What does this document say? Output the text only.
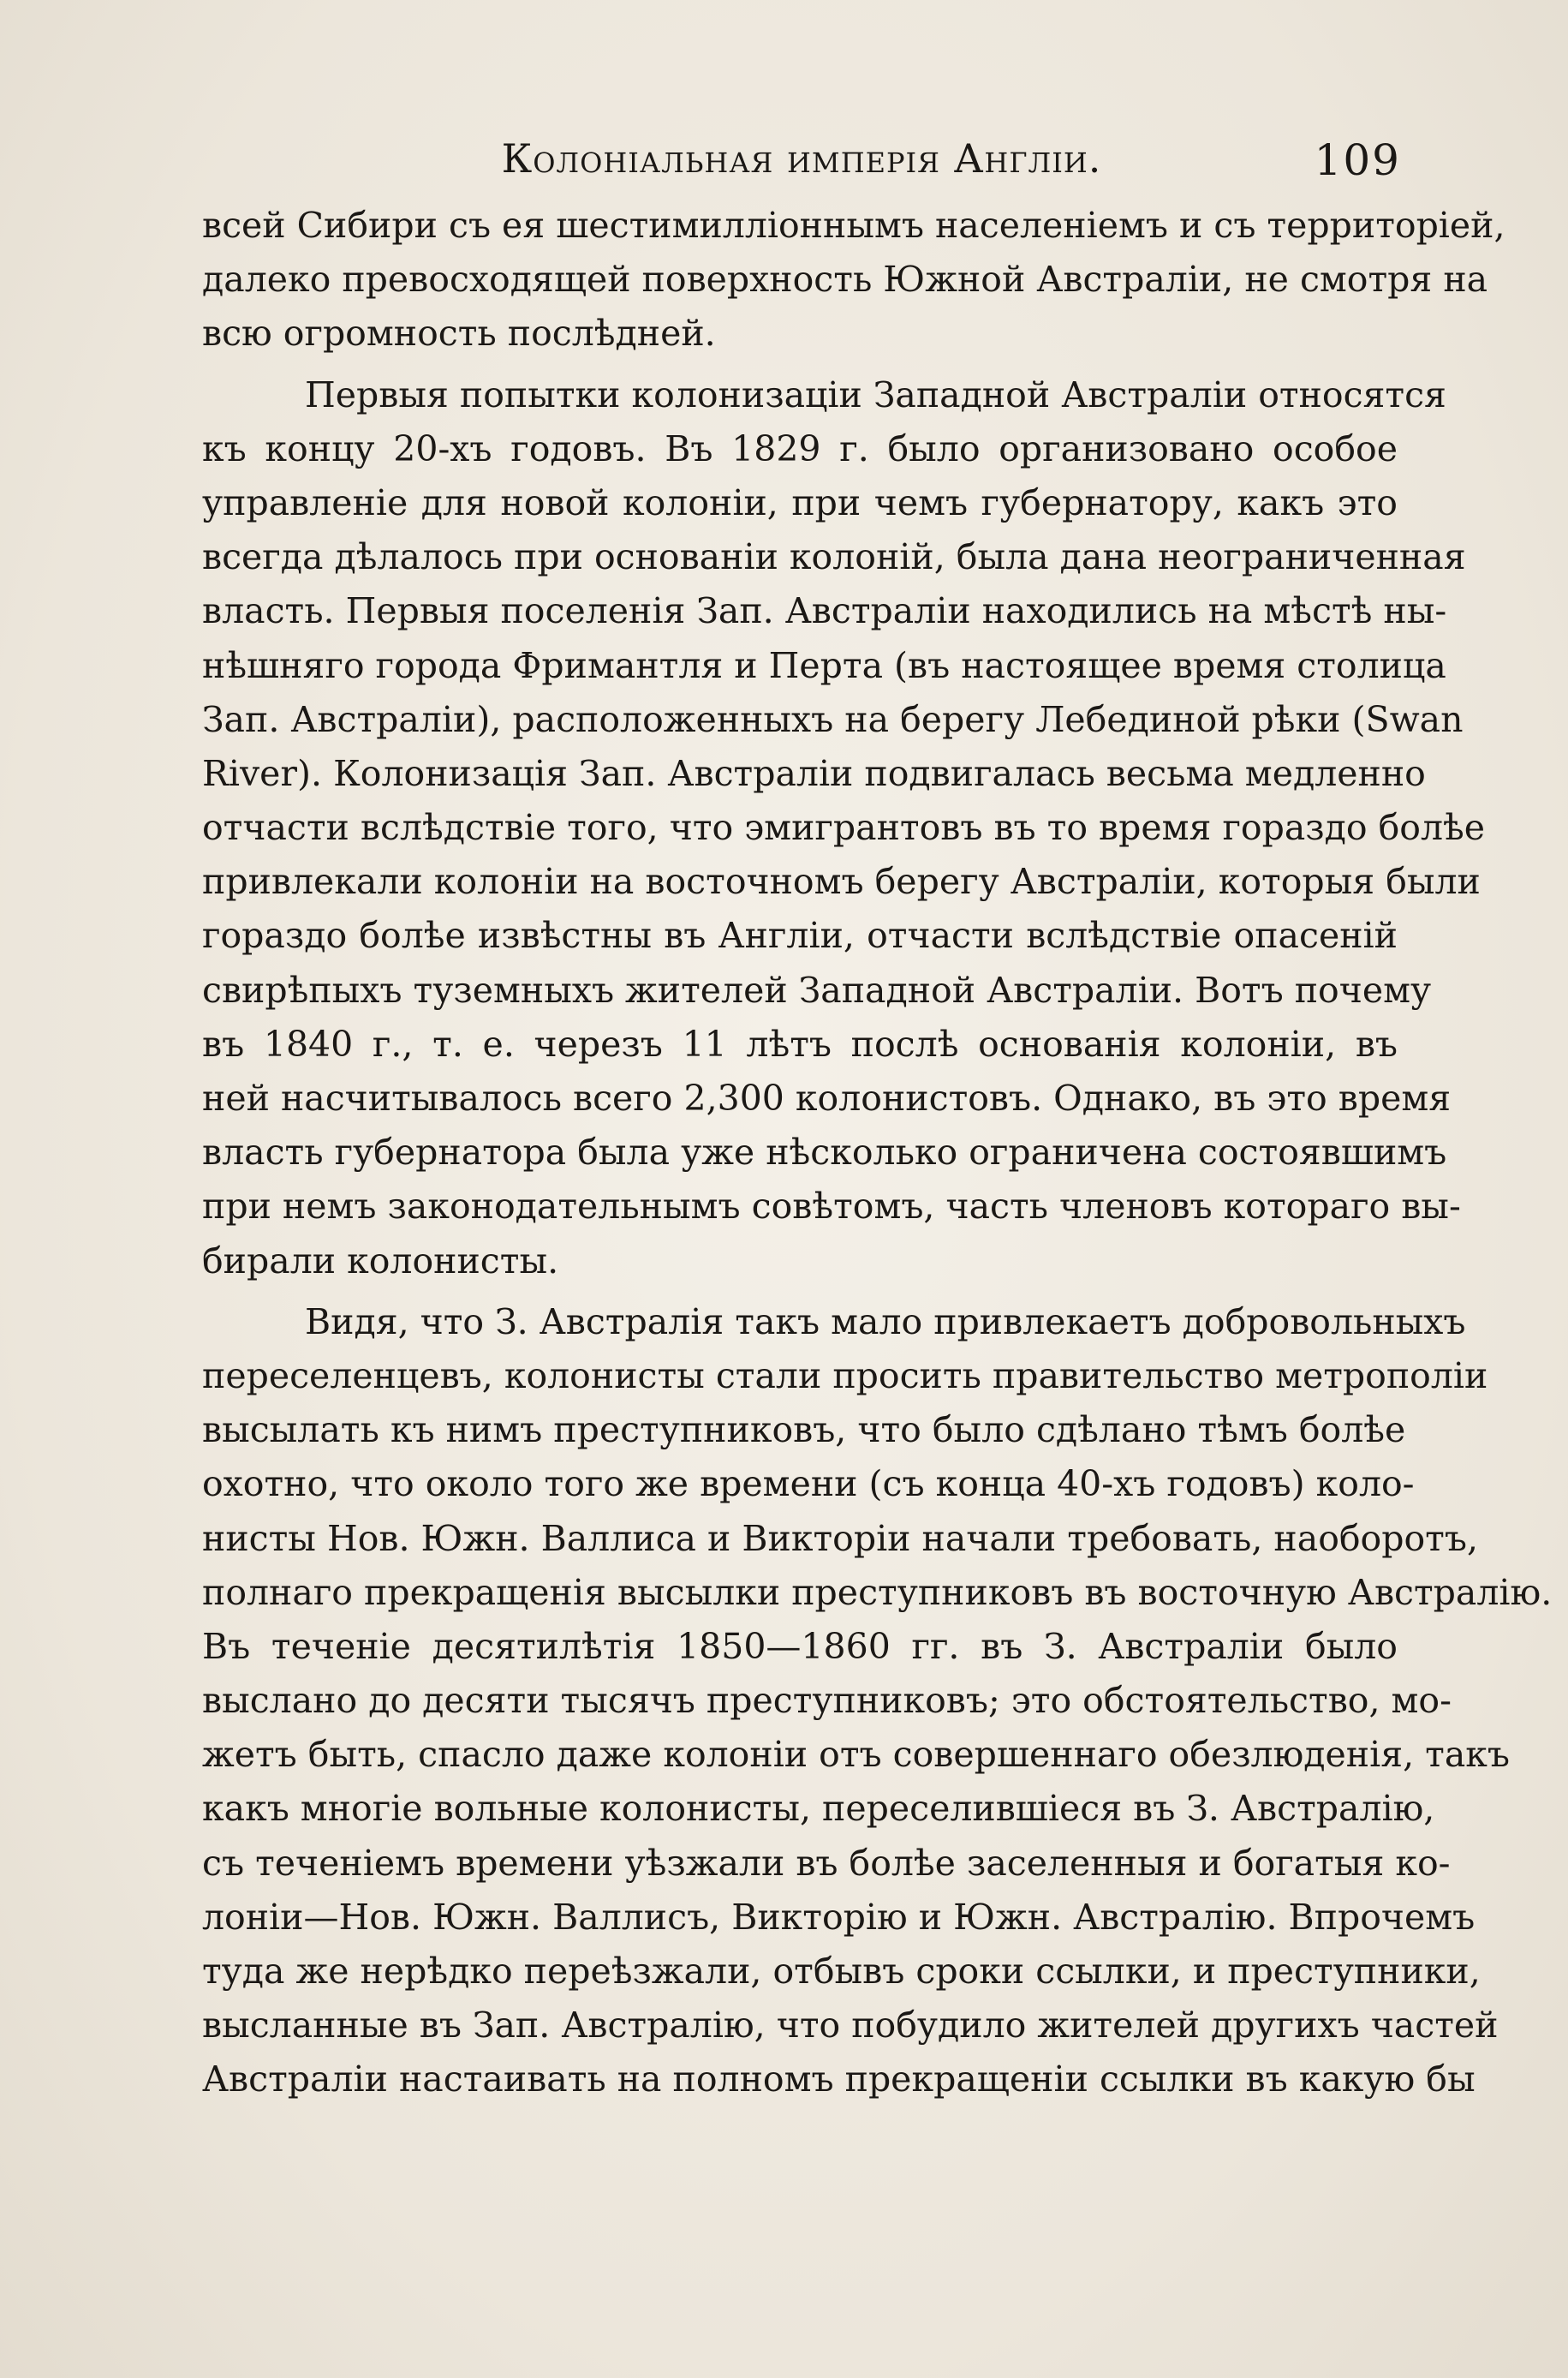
Колоніальная имперія Англіи.	109
всей Сибири съ ея шестимилліоннымъ населеніемъ и съ территоріей,
далеко превосходящей поверхность Южной Австраліи, не смотря на
всю огромность послѣдней.
Первыя попытки колонизаціи Западной Австраліи относятся
къ концу 20-хъ годовъ. Въ 1829 г. было организовано особое
управленіе для новой колоніи, при чемъ губернатору, какъ это
всегда дѣлалось при основаніи колоній, была дана неограниченная
власть. Первыя поселенія Зап. Австраліи находились на мѣстѣ ны-
нѣшняго города Фримантля и Перта (въ настоящее время столица
Зап. Австраліи), расположенныхъ на берегу Лебединой рѣки (Swan
River). Колонизація Зап. Австраліи подвигалась весьма медленно
отчасти вслѣдствіе того, что эмигрантовъ въ то время гораздо болѣе
привлекали колоніи на восточномъ берегу Австраліи, которыя были
гораздо болѣе извѣстны въ Англіи, отчасти вслѣдствіе опасеній
свирѣпыхъ туземныхъ жителей Западной Австраліи. Вотъ почему
въ 1840 г., т. е. черезъ 11 лѣтъ послѣ основанія колоніи, въ
ней насчитывалось всего 2,300 колонистовъ. Однако, въ это время
власть губернатора была уже нѣсколько ограничена состоявшимъ
при немъ законодательнымъ совѣтомъ, часть членовъ котораго вы-
бирали колонисты.
Видя, что З. Австралія такъ мало привлекаетъ добровольныхъ
переселенцевъ, колонисты стали просить правительство метрополіи
высылать къ нимъ преступниковъ, что было сдѣлано тѣмъ болѣе
охотно, что около того же времени (съ конца 40-хъ годовъ) коло-
нисты Нов. Южн. Валлиса и Викторіи начали требовать, наоборотъ,
полнаго прекращенія высылки преступниковъ въ восточную Австралію.
Въ теченіе десятилѣтія 1850—1860 гг. въ З. Австраліи было
выслано до десяти тысячъ преступниковъ; это обстоятельство, мо-
жетъ быть, спасло даже колоніи отъ совершеннаго обезлюденія, такъ
какъ многіе вольные колонисты, переселившіеся въ З. Австралію,
съ теченіемъ времени уѣзжали въ болѣе заселенныя и богатыя ко-
лоніи—Нов. Южн. Валлисъ, Викторію и Южн. Австралію. Впрочемъ
туда же нерѣдко переѣзжали, отбывъ сроки ссылки, и преступники,
высланные въ Зап. Австралію, что побудило жителей другихъ частей
Австраліи настаивать на полномъ прекращеніи ссылки въ какую бы
